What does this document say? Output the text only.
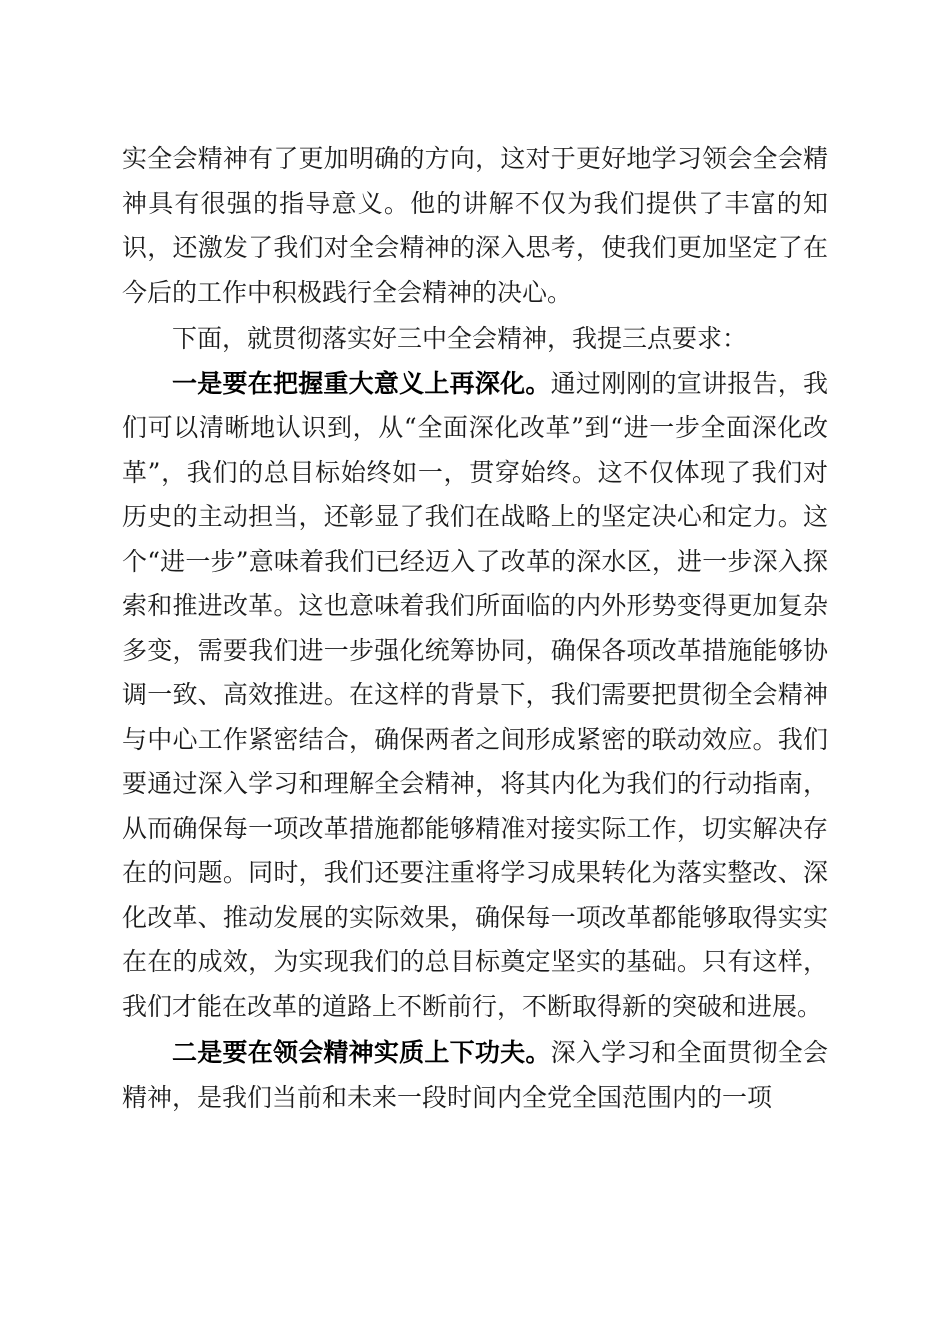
实全会精神有了更加明确的方向，这对于更好地学习领会全会精神具有很强的指导意义。他的讲解不仅为我们提供了丰富的知识，还激发了我们对全会精神的深入思考，使我们更加坚定了在今后的工作中积极践行全会精神的决心。

下面，就贯彻落实好三中全会精神，我提三点要求：

一是要在把握重大意义上再深化。通过刚刚的宣讲报告，我们可以清晰地认识到，从“全面深化改革”到“进一步全面深化改革”，我们的总目标始终如一，贯穿始终。这不仅体现了我们对历史的主动担当，还彰显了我们在战略上的坚定决心和定力。这个“进一步”意味着我们已经迈入了改革的深水区，进一步深入探索和推进改革。这也意味着我们所面临的内外形势变得更加复杂多变，需要我们进一步强化统筹协同，确保各项改革措施能够协调一致、高效推进。在这样的背景下，我们需要把贯彻全会精神与中心工作紧密结合，确保两者之间形成紧密的联动效应。我们要通过深入学习和理解全会精神，将其内化为我们的行动指南，从而确保每一项改革措施都能够精准对接实际工作，切实解决存在的问题。同时，我们还要注重将学习成果转化为落实整改、深化改革、推动发展的实际效果，确保每一项改革都能够取得实实在在的成效，为实现我们的总目标奠定坚实的基础。只有这样，我们才能在改革的道路上不断前行，不断取得新的突破和进展。

二是要在领会精神实质上下功夫。深入学习和全面贯彻全会精神，是我们当前和未来一段时间内全党全国范围内的一项
